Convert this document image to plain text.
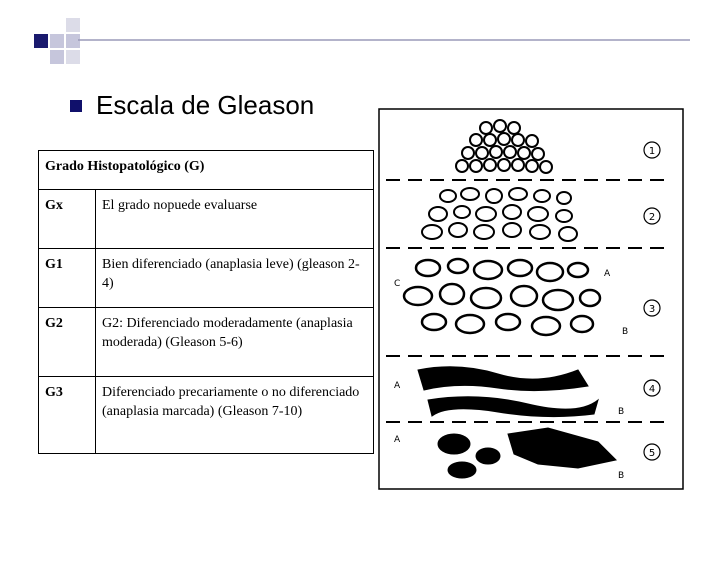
Escala de Gleason
Grado Histopatológico (G)	
Gx	El grado nopuede evaluarse
G1	Bien diferenciado (anaplasia leve) (gleason 2-4)
G2	G2: Diferenciado moderadamente (anaplasia moderada) (Gleason 5-6)
G3	Diferenciado precariamente o no diferenciado (anaplasia marcada) (Gleason 7-10)
1
2
3
4
5
A
B
C
A
B
A
B
